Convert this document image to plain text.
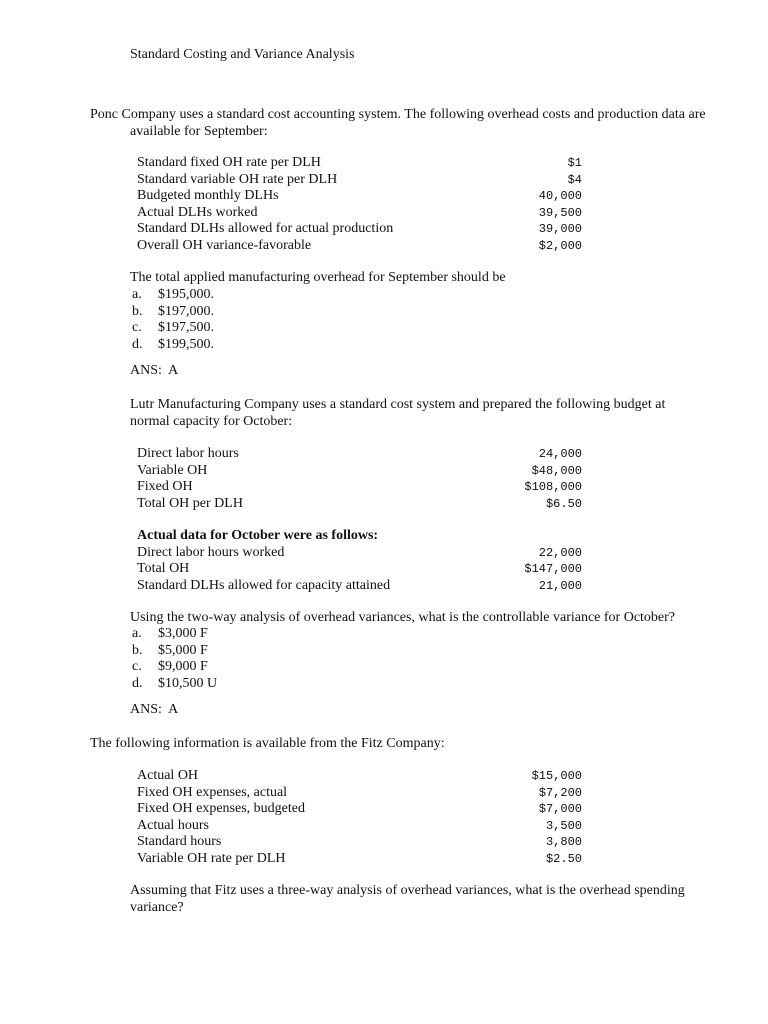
Standard Costing and Variance Analysis
Ponc Company uses a standard cost accounting system. The following overhead costs and production data are
available for September:
Standard fixed OH rate per DLH	$1
Standard variable OH rate per DLH	$4
Budgeted monthly DLHs	40,000
Actual DLHs worked	39,500
Standard DLHs allowed for actual production	39,000
Overall OH variance-favorable	$2,000
The total applied manufacturing overhead for September should be
a.	$195,000.
b.	$197,000.
c.	$197,500.
d.	$199,500.
ANS:  A
Lutr Manufacturing Company uses a standard cost system and prepared the following budget at
normal capacity for October:
Direct labor hours	24,000
Variable OH	$48,000
Fixed OH	$108,000
Total OH per DLH	$6.50
Actual data for October were as follows:
Direct labor hours worked	22,000
Total OH	$147,000
Standard DLHs allowed for capacity attained	21,000
Using the two-way analysis of overhead variances, what is the controllable variance for October?
a.	$3,000 F
b.	$5,000 F
c.	$9,000 F
d.	$10,500 U
ANS:  A
The following information is available from the Fitz Company:
Actual OH	$15,000
Fixed OH expenses, actual	$7,200
Fixed OH expenses, budgeted	$7,000
Actual hours	3,500
Standard hours	3,800
Variable OH rate per DLH	$2.50
Assuming that Fitz uses a three-way analysis of overhead variances, what is the overhead spending
variance?
